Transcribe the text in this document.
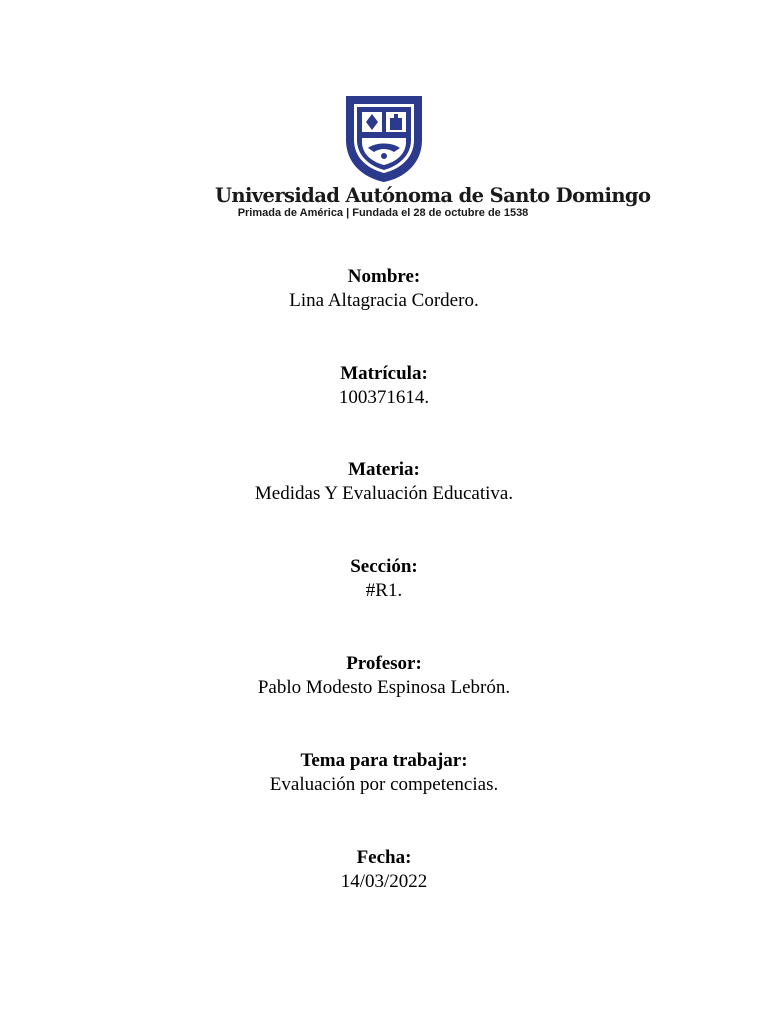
Universidad Autónoma de Santo Domingo
Primada de América | Fundada el 28 de octubre de 1538
Nombre:
Lina Altagracia Cordero.
Matrícula:
100371614.
Materia:
Medidas Y Evaluación Educativa.
Sección:
#R1.
Profesor:
Pablo Modesto Espinosa Lebrón.
Tema para trabajar:
Evaluación por competencias.
Fecha:
14/03/2022
